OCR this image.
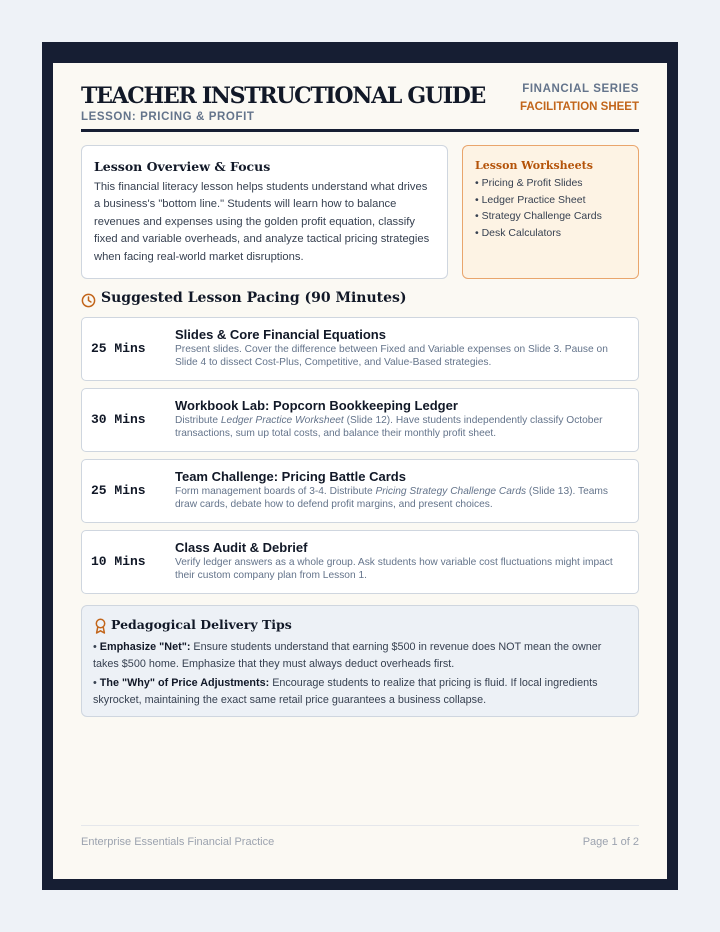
TEACHER INSTRUCTIONAL GUIDE
LESSON: PRICING & PROFIT
FINANCIAL SERIES
FACILITATION SHEET
Lesson Overview & Focus
This financial literacy lesson helps students understand what drives a business's "bottom line." Students will learn how to balance revenues and expenses using the golden profit equation, classify fixed and variable overheads, and analyze tactical pricing strategies when facing real-world market disruptions.
Lesson Worksheets
• Pricing & Profit Slides
• Ledger Practice Sheet
• Strategy Challenge Cards
• Desk Calculators
Suggested Lesson Pacing (90 Minutes)
25 Mins
Slides & Core Financial Equations
Present slides. Cover the difference between Fixed and Variable expenses on Slide 3. Pause on Slide 4 to dissect Cost-Plus, Competitive, and Value-Based strategies.
30 Mins
Workbook Lab: Popcorn Bookkeeping Ledger
Distribute Ledger Practice Worksheet (Slide 12). Have students independently classify October transactions, sum up total costs, and balance their monthly profit sheet.
25 Mins
Team Challenge: Pricing Battle Cards
Form management boards of 3-4. Distribute Pricing Strategy Challenge Cards (Slide 13). Teams draw cards, debate how to defend profit margins, and present choices.
10 Mins
Class Audit & Debrief
Verify ledger answers as a whole group. Ask students how variable cost fluctuations might impact their custom company plan from Lesson 1.
Pedagogical Delivery Tips
• Emphasize "Net": Ensure students understand that earning $500 in revenue does NOT mean the owner takes $500 home. Emphasize that they must always deduct overheads first.
• The "Why" of Price Adjustments: Encourage students to realize that pricing is fluid. If local ingredients skyrocket, maintaining the exact same retail price guarantees a business collapse.
Enterprise Essentials Financial Practice	Page 1 of 2
